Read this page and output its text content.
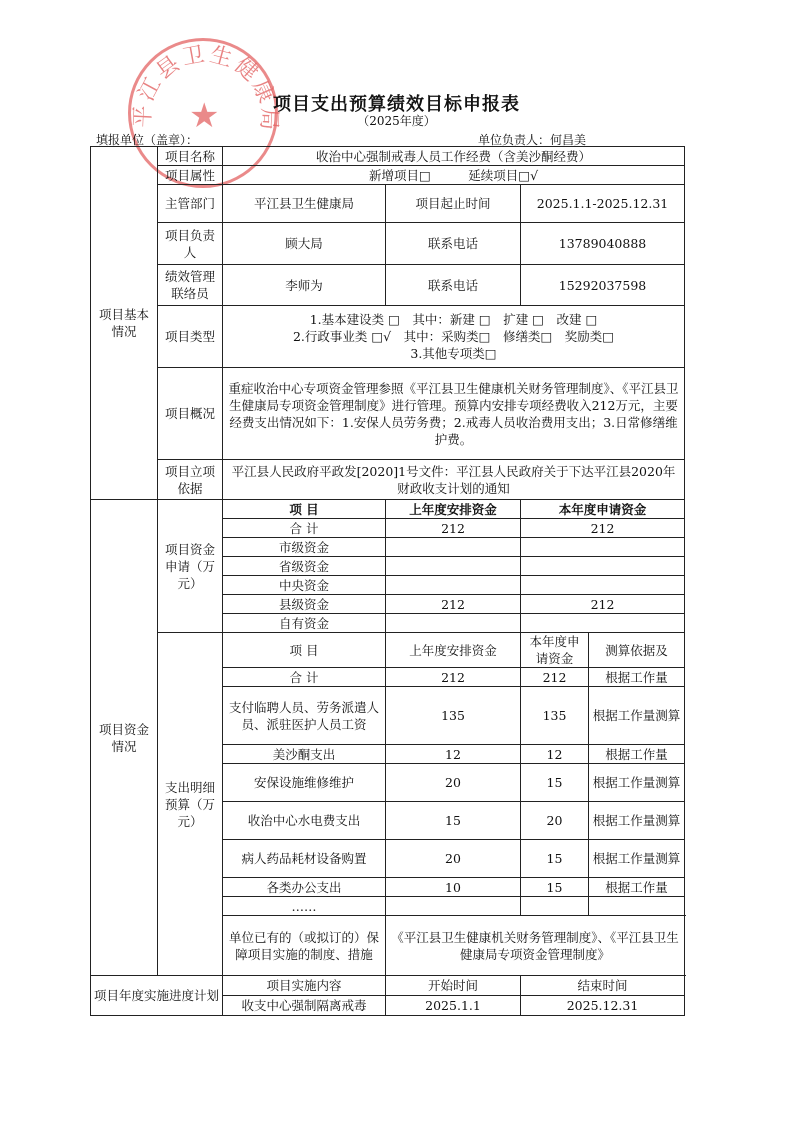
平江县卫生健康局
★	项目支出预算绩效目标申报表
（2025年度）
填报单位（盖章）：	单位负责人：何昌美
项目基本情况	项目名称	收治中心强制戒毒人员工作经费（含美沙酮经费）			
	项目属性	新增项目□　　　延续项目□√			
	主管部门	平江县卫生健康局	项目起止时间	2025.1.1-2025.12.31	
	项目负责人	顾大局	联系电话	13789040888	
	绩效管理联络员	李师为	联系电话	15292037598	
	项目类型	1.基本建设类 □　其中：新建 □　扩建 □　改建 □
2.行政事业类 □√　其中：采购类□　修缮类□　奖励类□
3.其他专项类□			

	项目概况	重症收治中心专项资金管理参照《平江县卫生健康机关财务管理制度》、《平江县卫生健康局专项资金管理制度》进行管理。预算内安排专项经费收入212万元，主要经费支出情况如下：1.安保人员劳务费；2.戒毒人员收治费用支出；3.日常修缮维护费。			
	项目立项依据	平江县人民政府平政发[2020]1号文件：平江县人民政府关于下达平江县2020年财政收支计划的通知			
项目资金情况	项目资金申请（万元）	项 目	上年度安排资金	本年度申请资金	
		合 计	212	212	
		市级资金			
		省级资金			
		中央资金			
		县级资金	212	212	
		自有资金			
	支出明细预算（万元）	项 目	上年度安排资金	本年度申请资金	测算依据及
		合 计	212	212	根据工作量
		支付临聘人员、劳务派遣人员、派驻医护人员工资	135	135	根据工作量测算
		美沙酮支出	12	12	根据工作量
		安保设施维修维护	20	15	根据工作量测算
		收治中心水电费支出	15	20	根据工作量测算
		病人药品耗材设备购置	20	15	根据工作量测算
		各类办公支出	10	15	根据工作量
		……			
		单位已有的（或拟订的）保障项目实施的制度、措施	《平江县卫生健康机关财务管理制度》、《平江县卫生健康局专项资金管理制度》		
项目年度实施进度计划		项目实施内容	开始时间	结束时间	
		收支中心强制隔离戒毒	2025.1.1	2025.12.31	
